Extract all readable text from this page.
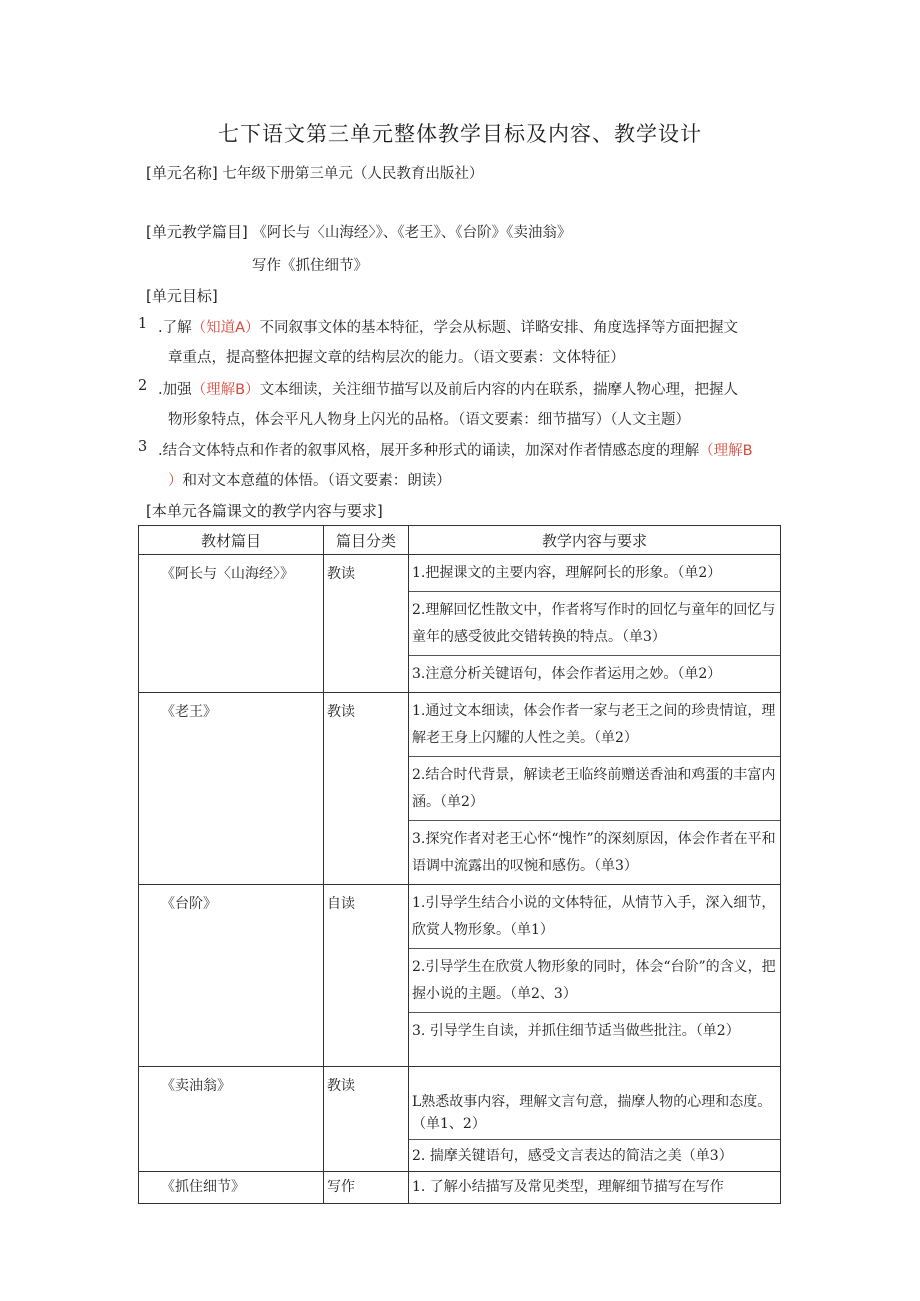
七下语文第三单元整体教学目标及内容、教学设计
[单元名称] 七年级下册第三单元（人民教育出版社）
[单元教学篇目] 《阿长与〈山海经〉》、《老王》、《台阶》《卖油翁》
写作《抓住细节》
[单元目标]
1 .了解（知道A）不同叙事文体的基本特征，学会从标题、详略安排、角度选择等方面把握文
章重点，提高整体把握文章的结构层次的能力。（语文要素：文体特征）
2 .加强（理解B）文本细读，关注细节描写以及前后内容的内在联系，揣摩人物心理，把握人
物形象特点，体会平凡人物身上闪光的品格。（语文要素：细节描写）（人文主题）
3 .结合文体特点和作者的叙事风格，展开多种形式的诵读，加深对作者情感态度的理解（理解B
）和对文本意蕴的体悟。（语文要素：朗读）
[本单元各篇课文的教学内容与要求]
教材篇目	篇目分类	教学内容与要求
《阿长与〈山海经〉》	教读	1.把握课文的主要内容，理解阿长的形象。（单2）
2.理解回忆性散文中，作者将写作时的回忆与童年的回忆与童年的感受彼此交错转换的特点。（单3）
3.注意分析关键语句，体会作者运用之妙。（单2）

《老王》	教读	1.通过文本细读，体会作者一家与老王之间的珍贵情谊，理解老王身上闪耀的人性之美。（单2）
2.结合时代背景，解读老王临终前赠送香油和鸡蛋的丰富内涵。（单2）
3.探究作者对老王心怀“愧怍”的深刻原因，体会作者在平和语调中流露出的叹惋和感伤。（单3）

《台阶》	自读	1.引导学生结合小说的文体特征，从情节入手，深入细节，欣赏人物形象。（单1）
2.引导学生在欣赏人物形象的同时，体会“台阶”的含义，把握小说的主题。（单2、3）
3. 引导学生自读，并抓住细节适当做些批注。（单2）

《卖油翁》	教读	L熟悉故事内容，理解文言句意，揣摩人物的心理和态度。（单1、2）
2. 揣摩关键语句，感受文言表达的简洁之美（单3）

《抓住细节》	写作	1. 了解小结描写及常见类型，理解细节描写在写作
